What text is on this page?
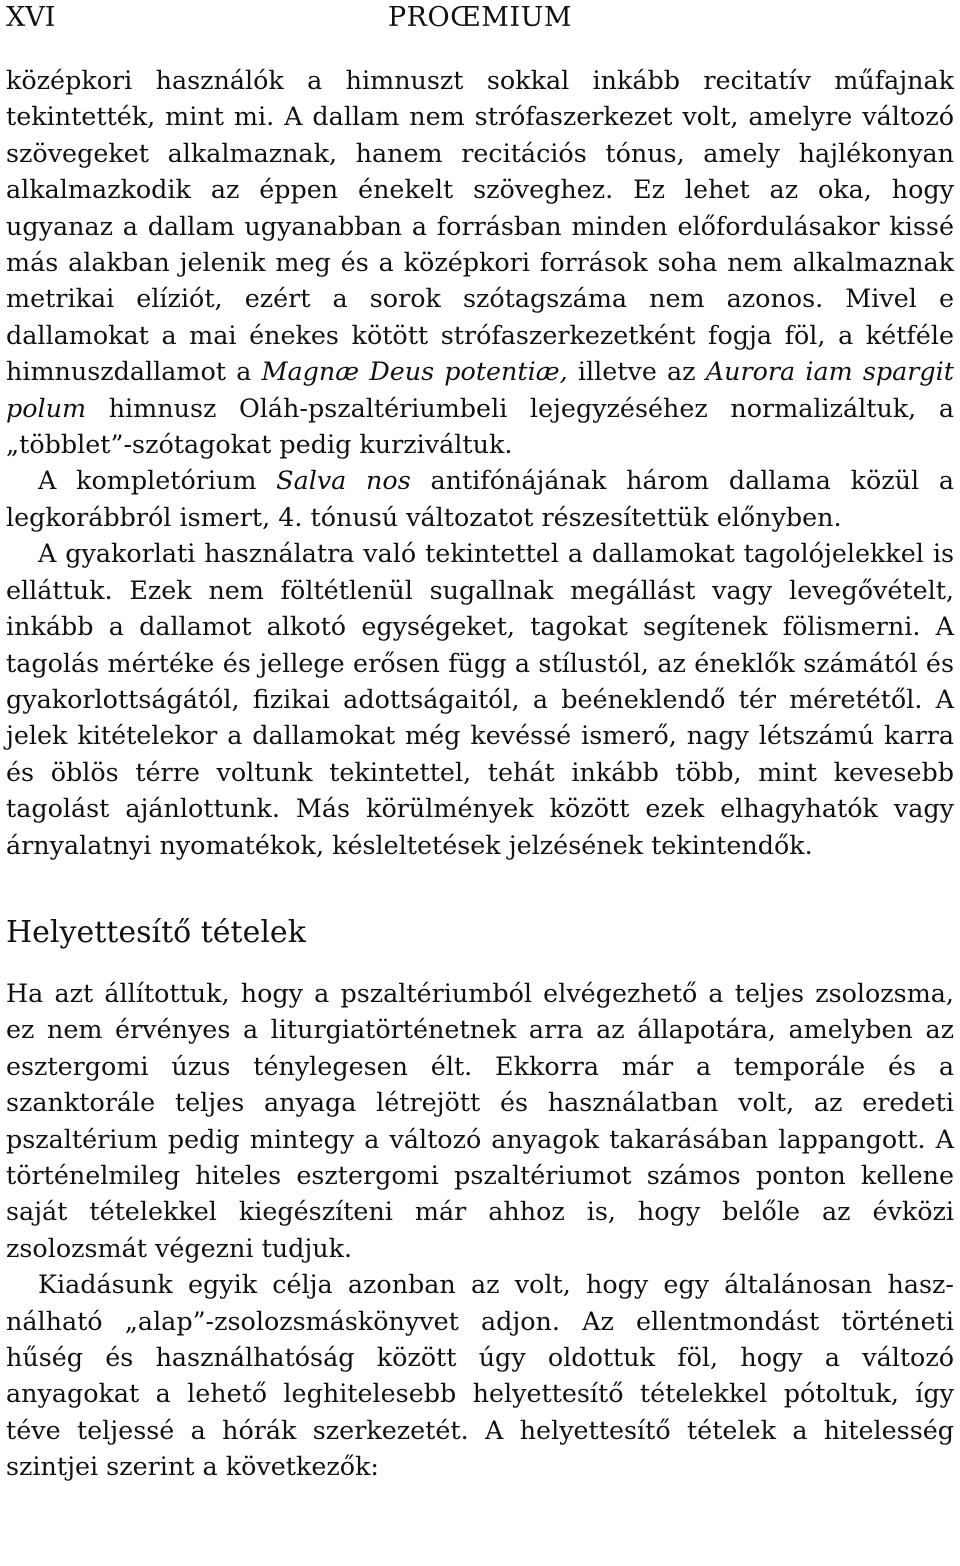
XVI	PROŒMIUM

középkori használók a himnuszt sokkal inkább recitatív műfajnak tekintették, mint mi. A dallam nem strófaszerkezet volt, amelyre változó szövegeket alkalmaznak, hanem recitációs tónus, amely hajlékonyan alkalmazkodik az éppen énekelt szöveghez. Ez lehet az oka, hogy ugyanaz a dallam ugyanabban a forrásban minden előfordulásakor kissé más alakban jelenik meg és a középkori források soha nem alkalmaznak metrikai elíziót, ezért a sorok szótagszáma nem azonos. Mivel e dallamokat a mai énekes kötött strófaszerkezetként fogja föl, a kétféle himnuszdallamot a Magnæ Deus potentiæ, illetve az Aurora iam spargit polum himnusz Oláh-pszaltériumbeli lejegyzéséhez normalizáltuk, a „többlet”-szótagokat pedig kurziváltuk.

A kompletórium Salva nos antifónájának három dallama közül a legkorábbról ismert, 4. tónusú változatot részesítettük előnyben.

A gyakorlati használatra való tekintettel a dallamokat tagolójelekkel is elláttuk. Ezek nem föltétlenül sugallnak megállást vagy levegővételt, inkább a dallamot alkotó egységeket, tagokat segítenek fölismerni. A tagolás mértéke és jellege erősen függ a stílustól, az éneklők számától és gyakorlottságától, fizikai adottságaitól, a beéneklendő tér méretétől. A jelek kitételekor a dallamokat még kevéssé ismerő, nagy létszámú karra és öblös térre voltunk tekintettel, tehát inkább több, mint kevesebb tagolást ajánlottunk. Más körülmények között ezek elhagyhatók vagy árnyalatnyi nyomatékok, késleltetések jelzésének tekintendők.

Helyettesítő tételek

Ha azt állítottuk, hogy a pszaltériumból elvégezhető a teljes zsolozsma, ez nem érvényes a liturgiatörténetnek arra az állapotára, amelyben az esztergomi úzus ténylegesen élt. Ekkorra már a temporále és a szanktorále teljes anyaga létrejött és használatban volt, az eredeti pszaltérium pedig mintegy a változó anyagok takarásában lappangott. A történelmileg hiteles esztergomi pszaltériumot számos ponton kellene saját tételekkel kiegészíteni már ahhoz is, hogy belőle az évközi zsolozsmát végezni tudjuk.

Kiadásunk egyik célja azonban az volt, hogy egy általánosan használható „alap”-zsolozsmáskönyvet adjon. Az ellentmondást történeti hűség és használhatóság között úgy oldottuk föl, hogy a változó anyagokat a lehető leghitelesebb helyettesítő tételekkel pótoltuk, így téve teljessé a hórák szerkezetét. A helyettesítő tételek a hitelesség szintjei szerint a következők:
